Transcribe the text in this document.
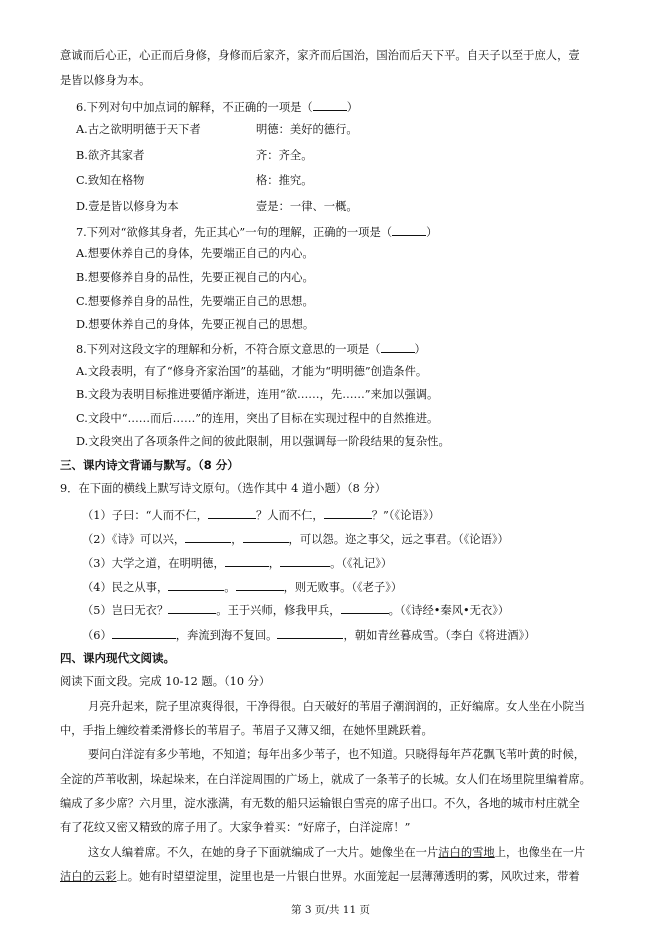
意诚而后心正，心正而后身修，身修而后家齐，家齐而后国治，国治而后天下平。自天子以至于庶人，壹
是皆以修身为本。
6.下列对句中加点词的解释，不正确的一项是（	）
A.古之欲明明德于天下者	明德：美好的德行。
B.欲齐其家者	齐：齐全。
C.致知在格物	格：推究。
D.壹是皆以修身为本	壹是：一律、一概。
7.下列对“欲修其身者，先正其心”一句的理解，正确的一项是（	）
A.想要休养自己的身体，先要端正自己的内心。
B.想要修养自身的品性，先要正视自己的内心。
C.想要修养自身的品性，先要端正自己的思想。
D.想要休养自己的身体，先要正视自己的思想。
8.下列对这段文字的理解和分析，不符合原文意思的一项是（	）
A.文段表明，有了“修身齐家治国”的基础，才能为“明明德”创造条件。
B.文段为表明目标推进要循序渐进，连用“欲……，先……”来加以强调。
C.文段中“……而后……”的连用，突出了目标在实现过程中的自然推进。
D.文段突出了各项条件之间的彼此限制，用以强调每一阶段结果的复杂性。
三、课内诗文背诵与默写。（8 分）
9．在下面的横线上默写诗文原句。（选作其中 4 道小题）（8 分）
（1）子曰：“人而不仁，	？人而不仁，	？”（《论语》）
（2）《诗》可以兴，	，	，可以怨。迩之事父，远之事君。（《论语》）
（3）大学之道，在明明德，	，	。（《礼记》）
（4）民之从事，	。	，则无败事。（《老子》）
（5）岂曰无衣？	。王于兴师，修我甲兵，	。（《诗经•秦风•无衣》）
（6）	，奔流到海不复回。	，朝如青丝暮成雪。（李白《将进酒》）
四、课内现代文阅读。
阅读下面文段。完成 10-12 题。（10 分）
月亮升起来，院子里凉爽得很，干净得很。白天破好的苇眉子潮润润的，正好编席。女人坐在小院当
中，手指上缠绞着柔滑修长的苇眉子。苇眉子又薄又细，在她怀里跳跃着。
要问白洋淀有多少苇地，不知道；每年出多少苇子，也不知道。只晓得每年芦花飘飞苇叶黄的时候，
全淀的芦苇收割，垛起垛来，在白洋淀周围的广场上，就成了一条苇子的长城。女人们在场里院里编着席。
编成了多少席？六月里，淀水涨满，有无数的船只运输银白雪亮的席子出口。不久，各地的城市村庄就全
有了花纹又密又精致的席子用了。大家争着买：“好席子，白洋淀席！”
这女人编着席。不久，在她的身子下面就编成了一大片。她像坐在一片洁白的雪地上，也像坐在一片
洁白的云彩上。她有时望望淀里，淀里也是一片银白世界。水面笼起一层薄薄透明的雾，风吹过来，带着
第 3 页/共 11 页
